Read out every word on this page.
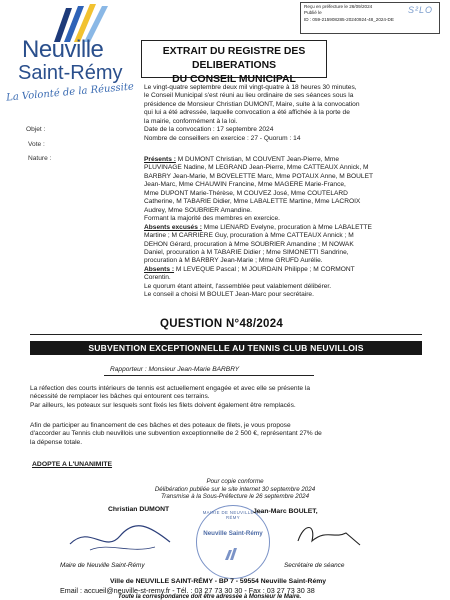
Reçu en préfecture le 26/09/2024
Publié le
ID : 059-215908285-20240924-48_2024-DE
S²LO
Neuville
Saint-Rémy
La Volonté de la Réussite
EXTRAIT DU REGISTRE DES DELIBERATIONS
DU CONSEIL MUNICIPAL
Objet :
Vote :
Nature :
Le vingt-quatre septembre deux mil vingt-quatre à 18 heures 30 minutes,
le Conseil Municipal s'est réuni au lieu ordinaire de ses séances sous la
présidence de Monsieur Christian DUMONT, Maire, suite à la convocation
qui lui a été adressée, laquelle convocation a été affichée à la porte de
la mairie, conformément à la loi.
Date de la convocation : 17 septembre 2024
Nombre de conseillers en exercice : 27 - Quorum : 14
Présents : M DUMONT Christian, M COUVENT Jean-Pierre, Mme
PLUVINAGE Nadine, M LEGRAND Jean-Pierre, Mme CATTEAUX Annick, M
BARBRY Jean-Marie, M BOVELETTE Marc, Mme POTAUX Anne, M BOULET
Jean-Marc, Mme CHAUWIN Francine, Mme MAGERE Marie-France,
Mme DUPONT Marie-Thérèse, M COUVEZ José, Mme COUTELARD
Catherine, M TABARIE Didier, Mme LABALETTE Martine, Mme LACROIX
Audrey, Mme SOUBRIER Amandine.
Formant la majorité des membres en exercice.
Absents excusés : Mme LIENARD Evelyne, procuration à Mme LABALETTE
Martine ; M CARRIERE Guy, procuration à Mme CATTEAUX Annick ; M
DEHON Gérard, procuration à Mme SOUBRIER Amandine ; M NOWAK
Daniel, procuration à M TABARIE Didier ; Mme SIMONETTI Sandrine,
procuration à M BARBRY Jean-Marie ; Mme GRUFD Aurélie.
Absents : M LEVEQUE Pascal ; M JOURDAIN Philippe ; M CORMONT
Corentin.
Le quorum étant atteint, l'assemblée peut valablement délibérer.
Le conseil a choisi M BOULET Jean-Marc pour secrétaire.
QUESTION N°48/2024
SUBVENTION EXCEPTIONNELLE AU TENNIS CLUB NEUVILLOIS
Rapporteur : Monsieur Jean-Marie BARBRY
La réfection des courts intérieurs de tennis est actuellement engagée et avec elle se présente la
nécessité de remplacer les bâches qui entourent ces terrains.
Par ailleurs, les poteaux sur lesquels sont fixés les filets doivent également être remplacés.
Afin de participer au financement de ces bâches et des poteaux de filets, je vous propose
d'accorder au Tennis club neuvillois une subvention exceptionnelle de 2 500 €, représentant 27% de
la dépense totale.
ADOPTE A L'UNANIMITE
Pour copie conforme
Délibération publiée sur le site internet 30 septembre 2024
Transmise à la Sous-Préfecture le 26 septembre 2024
Christian DUMONT
Maire de Neuville Saint-Rémy
Neuville Saint-Rémy
MAIRIE DE NEUVILLE ST-RÉMY
Jean-Marc BOULET,
Secrétaire de séance
Ville de NEUVILLE SAINT-RÉMY - BP 7 - 59554 Neuville Saint-Rémy
Email : accueil@neuville-st-remy.fr - Tél. : 03 27 73 30 30 - Fax : 03 27 73 30 38
Toute la correspondance doit être adressée à Monsieur le Maire.
